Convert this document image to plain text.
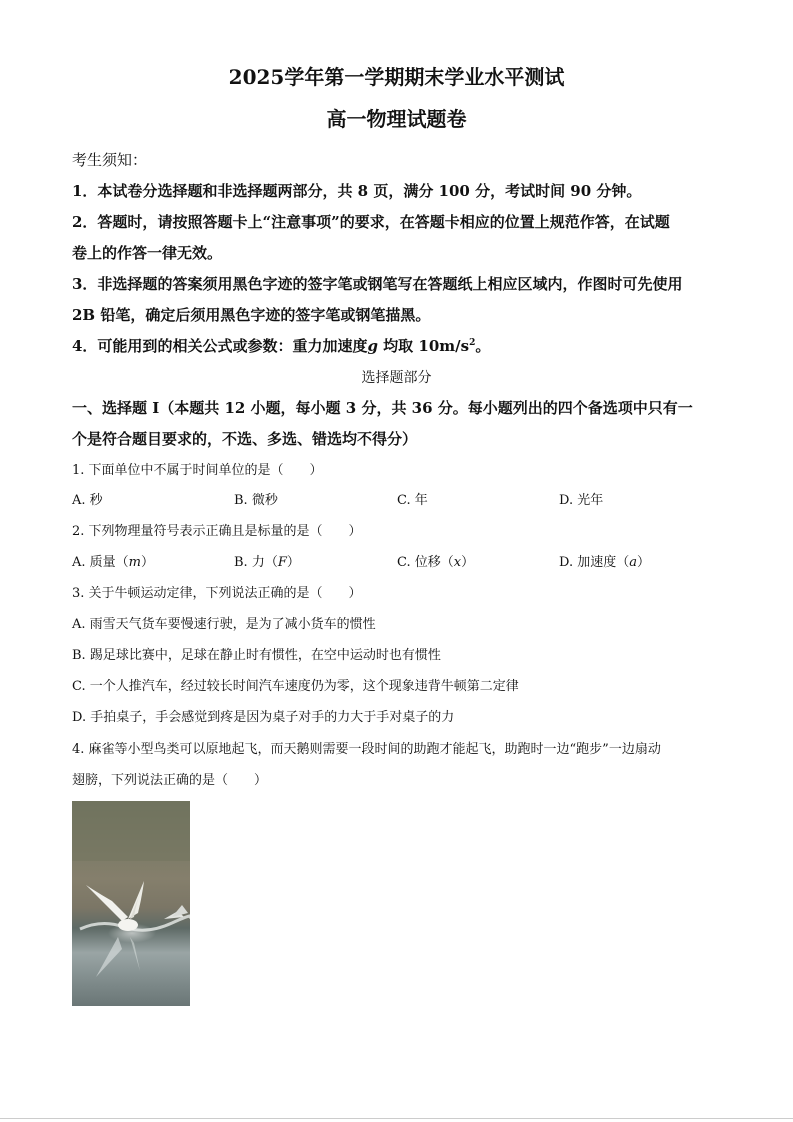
2025学年第一学期期末学业水平测试
高一物理试题卷
考生须知：
1．本试卷分选择题和非选择题两部分，共 8 页，满分 100 分，考试时间 90 分钟。
2．答题时，请按照答题卡上“注意事项”的要求，在答题卡相应的位置上规范作答，在试题
卷上的作答一律无效。
3．非选择题的答案须用黑色字迹的签字笔或钢笔写在答题纸上相应区域内，作图时可先使用
2B 铅笔，确定后须用黑色字迹的签字笔或钢笔描黑。
4．可能用到的相关公式或参数：重力加速度g 均取 $10m/s^2$。
选择题部分
一、选择题 I（本题共 12 小题，每小题 3 分，共 36 分。每小题列出的四个备选项中只有一
个是符合题目要求的，不选、多选、错选均不得分）
1. 下面单位中不属于时间单位的是（　　）
A. 秒	B. 微秒	C. 年	D. 光年
2. 下列物理量符号表示正确且是标量的是（　　）
A. 质量（m）	B. 力（F）	C. 位移（x）	D. 加速度（a）
3. 关于牛顿运动定律，下列说法正确的是（　　）
A. 雨雪天气货车要慢速行驶，是为了减小货车的惯性
B. 踢足球比赛中，足球在静止时有惯性，在空中运动时也有惯性
C. 一个人推汽车，经过较长时间汽车速度仍为零，这个现象违背牛顿第二定律
D. 手拍桌子，手会感觉到疼是因为桌子对手的力大于手对桌子的力
4. 麻雀等小型鸟类可以原地起飞，而天鹅则需要一段时间的助跑才能起飞，助跑时一边“跑步”一边扇动
翅膀，下列说法正确的是（　　）
